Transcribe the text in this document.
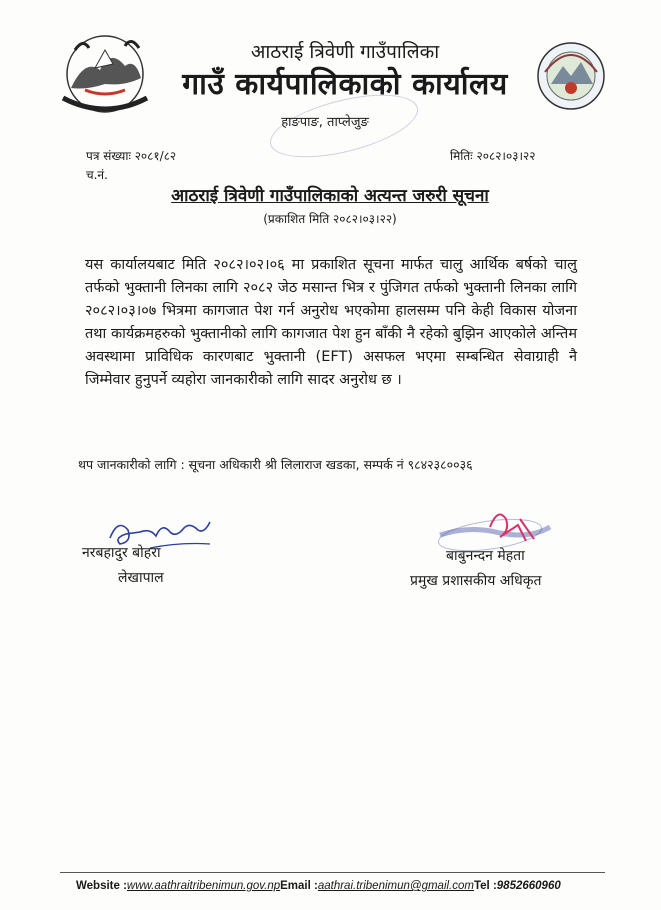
आठराई त्रिवेणी गाउँपालिका
गाउँ कार्यपालिकाको कार्यालय
हाङपाङ, ताप्लेजुङ
पत्र संख्याः २०८१/८२
च.नं.
मितिः २०८२।०३।२२
आठराई त्रिवेणी गाउँपालिकाको अत्यन्त जरुरी सूचना
(प्रकाशित मिति २०८२।०३।२२)
यस कार्यालयबाट मिति २०८२।०२।०६ मा प्रकाशित सूचना मार्फत चालु आर्थिक बर्षको चालु तर्फको भुक्तानी लिनका लागि २०८२ जेठ मसान्त भित्र र पुंजिगत तर्फको भुक्तानी लिनका लागि २०८२।०३।०७ भित्रमा कागजात पेश गर्न अनुरोध भएकोमा हालसम्म पनि केही विकास योजना तथा कार्यक्रमहरुको भुक्तानीको लागि कागजात पेश हुन बाँकी नै रहेको बुझिन आएकोले अन्तिम अवस्थामा प्राविधिक कारणबाट भुक्तानी (EFT) असफल भएमा सम्बन्धित सेवाग्राही नै जिम्मेवार हुनुपर्ने व्यहोरा जानकारीको लागि सादर अनुरोध छ ।
थप जानकारीको लागि : सूचना अधिकारी श्री लिलाराज खडका, सम्पर्क नं ९८४२३८००३६
नरबहादुर बोहरा
लेखापाल
बाबुनन्दन मेहता
प्रमुख प्रशासकीय अधिकृत
Website :www.aathraitribenimun.gov.npEmail :aathrai.tribenimun@gmail.comTel :9852660960
